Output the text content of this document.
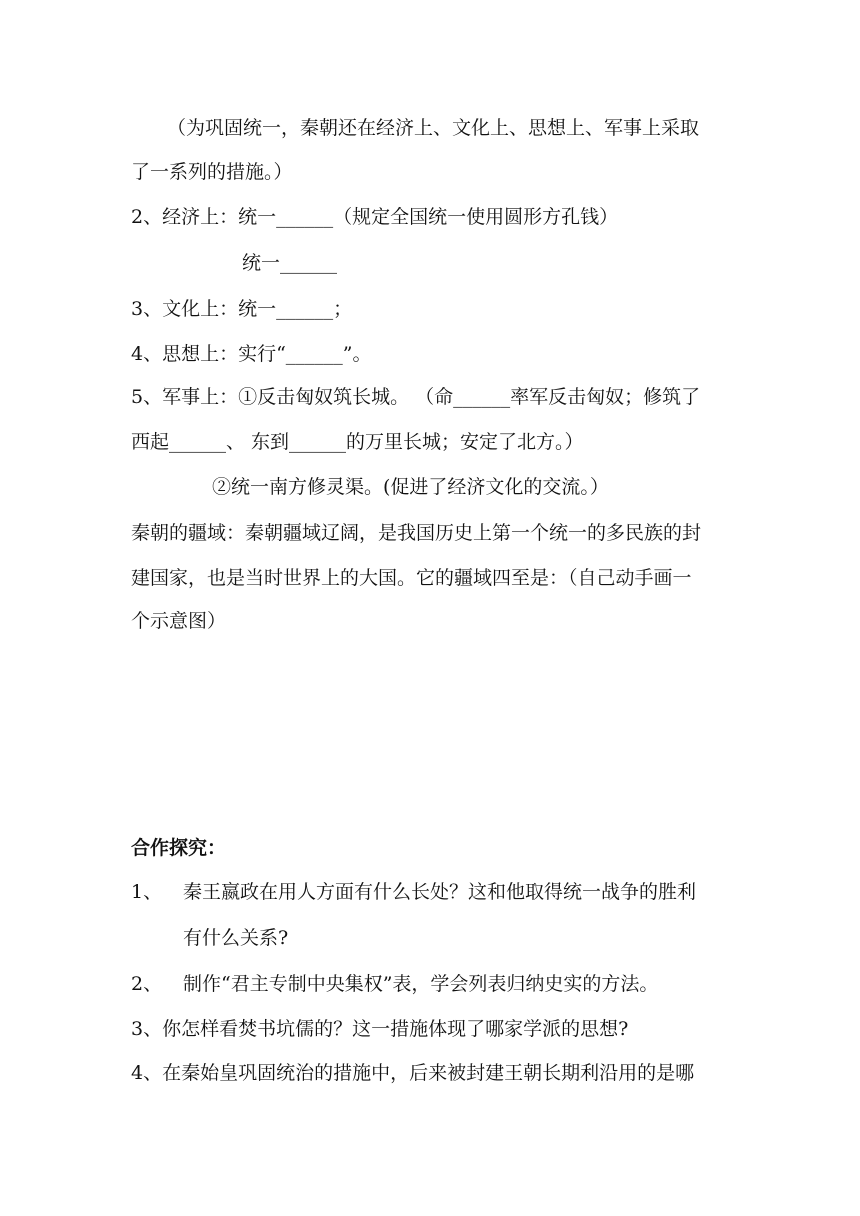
（为巩固统一，秦朝还在经济上、文化上、思想上、军事上采取
了一系列的措施。）
2、经济上：统一______（规定全国统一使用圆形方孔钱）
统一______
3、文化上：统一______；
4、思想上：实行“______”。
5、军事上：①反击匈奴筑长城。 （命______率军反击匈奴；修筑了
西起______、 东到______的万里长城；安定了北方。）
②统一南方修灵渠。(促进了经济文化的交流。）
秦朝的疆域：秦朝疆域辽阔，是我国历史上第一个统一的多民族的封
建国家，也是当时世界上的大国。它的疆域四至是：（自己动手画一
个示意图）
合作探究：
1、 秦王嬴政在用人方面有什么长处？这和他取得统一战争的胜利
有什么关系?
2、 制作“君主专制中央集权”表，学会列表归纳史实的方法。
3、你怎样看焚书坑儒的？这一措施体现了哪家学派的思想?
4、在秦始皇巩固统治的措施中，后来被封建王朝长期利沿用的是哪
